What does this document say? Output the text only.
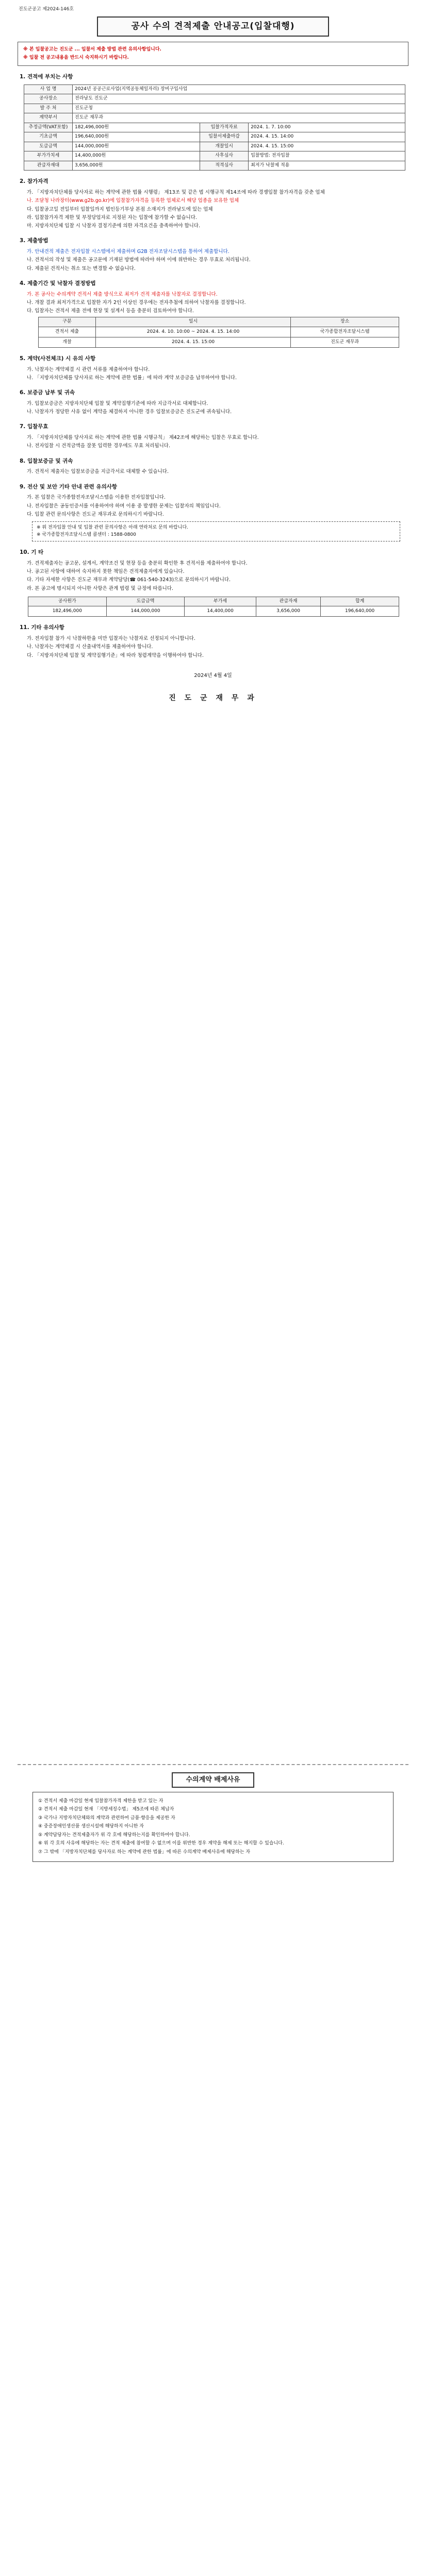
진도군공고 제2024-146호
공사 수의 견적제출 안내공고(입찰대행)

※ 본 입찰공고는 진도군 ... 입찰서 제출 방법 관련 유의사항입니다.

※ 입찰 전 공고내용을 반드시 숙지하시기 바랍니다.

1. 견적에 부치는 사항
사 업 명	2024년 공공근로사업(지역공동체일자리) 장비구입사업		
공사장소	전라남도 진도군		
발 주 처	진도군청		
계약부서	진도군 재무과		
추정금액(VAT포함)	182,496,000원	입찰가적자료	2024. 1. 7. 10:00
기초금액	196,640,000원	입찰서제출마감	2024. 4. 15. 14:00
도급금액	144,000,000원	개찰일시	2024. 4. 15. 15:00
부가가치세	14,400,000원	사후심사	입찰방법: 전자입찰
관급자재대	3,656,000원	적격심사	최저가 낙찰제 적용
2. 참가자격
가. 「지방자치단체를 당사자로 하는 계약에 관한 법률 시행령」 제13조 및 같은 법 시행규칙 제14조에 따라 경쟁입찰 참가자격을 갖춘 업체
나. 조달청 나라장터(www.g2b.go.kr)에 입찰참가자격을 등록한 업체로서 해당 업종을 보유한 업체
다. 입찰공고일 전일부터 입찰일까지 법인등기부상 본점 소재지가 전라남도에 있는 업체
라. 입찰참가자격 제한 및 부정당업자로 지정된 자는 입찰에 참가할 수 없습니다.
마. 지방자치단체 입찰 시 낙찰자 결정기준에 의한 자격요건을 충족하여야 합니다.
3. 제출방법
가. 안내견적 제출은 전자입찰 시스템에서 제출하며 G2B 전자조달시스템을 통하여 제출합니다.
나. 견적서의 작성 및 제출은 공고문에 기재된 방법에 따라야 하며 이에 위반하는 경우 무효로 처리됩니다.
다. 제출된 견적서는 취소 또는 변경할 수 없습니다.
4. 제출기간 및 낙찰자 결정방법
가. 본 공사는 수의계약 견적서 제출 방식으로 최저가 견적 제출자를 낙찰자로 결정합니다.
나. 개찰 결과 최저가격으로 입찰한 자가 2인 이상인 경우에는 전자추첨에 의하여 낙찰자를 결정합니다.
다. 입찰자는 견적서 제출 전에 현장 및 설계서 등을 충분히 검토하여야 합니다.
구분	일시	장소
견적서 제출	2024. 4. 10. 10:00 ~ 2024. 4. 15. 14:00	국가종합전자조달시스템
개찰	2024. 4. 15. 15:00	진도군 재무과
5. 계약(사전체크) 시 유의 사항
가. 낙찰자는 계약체결 시 관련 서류를 제출하여야 합니다.
나. 「지방자치단체를 당사자로 하는 계약에 관한 법률」에 따라 계약 보증금을 납부하여야 합니다.
6. 보증금 납부 및 귀속
가. 입찰보증금은 지방자치단체 입찰 및 계약집행기준에 따라 지급각서로 대체합니다.
나. 낙찰자가 정당한 사유 없이 계약을 체결하지 아니한 경우 입찰보증금은 진도군에 귀속됩니다.
7. 입찰무효
가. 「지방자치단체를 당사자로 하는 계약에 관한 법률 시행규칙」 제42조에 해당하는 입찰은 무효로 합니다.
나. 전자입찰 시 견적금액을 잘못 입력한 경우에도 무효 처리됩니다.
8. 입찰보증금 및 귀속
가. 견적서 제출자는 입찰보증금을 지급각서로 대체할 수 있습니다.
9. 전산 및 보안 기타 안내 관련 유의사항
가. 본 입찰은 국가종합전자조달시스템을 이용한 전자입찰입니다.
나. 전자입찰은 공동인증서를 이용하여야 하며 이용 중 발생한 문제는 입찰자의 책임입니다.
다. 입찰 관련 문의사항은 진도군 재무과로 문의하시기 바랍니다.
※ 위 전자입찰 안내 및 입찰 관련 문의사항은 아래 연락처로 문의 바랍니다.
※ 국가종합전자조달시스템 콜센터 : 1588-0800
10. 기 타
가. 견적제출자는 공고문, 설계서, 계약조건 및 현장 등을 충분히 확인한 후 견적서를 제출하여야 합니다.
나. 공고된 사항에 대하여 숙지하지 못한 책임은 견적제출자에게 있습니다.
다. 기타 자세한 사항은 진도군 재무과 계약담당(☎ 061-540-3243)으로 문의하시기 바랍니다.
라. 본 공고에 명시되지 아니한 사항은 관계 법령 및 규정에 따릅니다.
공사원가	도급금액	부가세	관급자재	합계
182,496,000	144,000,000	14,400,000	3,656,000	196,640,000
11. 기타 유의사항
가. 전자입찰 참가 시 낙찰하한율 미만 입찰자는 낙찰자로 선정되지 아니합니다.
나. 낙찰자는 계약체결 시 산출내역서를 제출하여야 합니다.
다. 「지방자치단체 입찰 및 계약집행기준」에 따라 청렴계약을 이행하여야 합니다.
2024년 4월 4일
진 도 군 재 무 과
수의계약 배제사유

① 견적서 제출 마감일 현재 입찰참가자격 제한을 받고 있는 자

② 견적서 제출 마감일 현재 「지방세징수법」 제5조에 따른 체납자

③ 국가나 지방자치단체와의 계약과 관련하여 금품·향응을 제공한 자

④ 중증장애인생산품 생산시설에 해당하지 아니한 자

⑤ 계약담당자는 견적제출자가 위 각 호에 해당하는지를 확인하여야 합니다.

⑥ 위 각 호의 사유에 해당하는 자는 견적 제출에 참여할 수 없으며 이를 위반한 경우 계약을 해제 또는 해지할 수 있습니다.

⑦ 그 밖에 「지방자치단체를 당사자로 하는 계약에 관한 법률」에 따른 수의계약 배제사유에 해당하는 자
